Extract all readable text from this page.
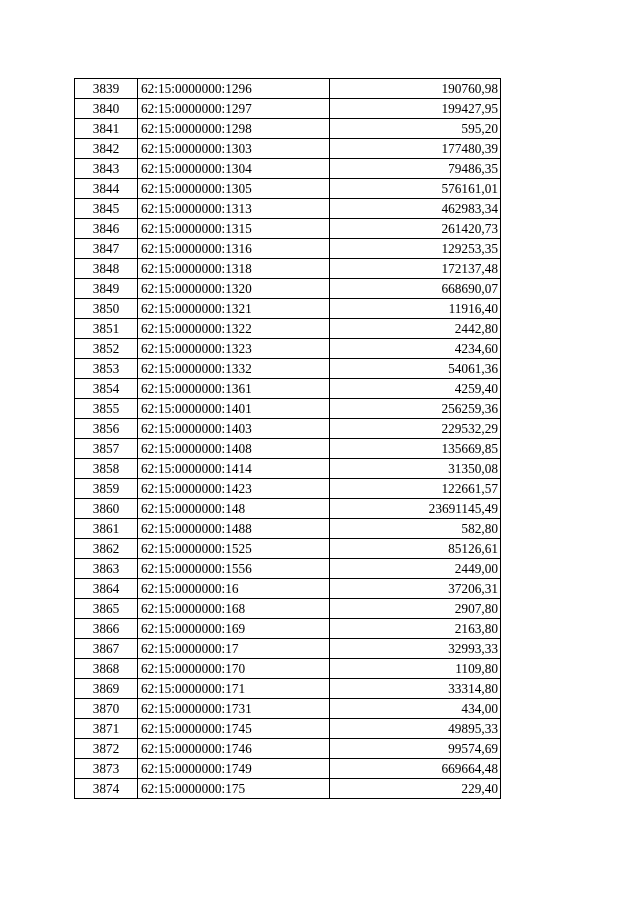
3839	62:15:0000000:1296	190760,98
3840	62:15:0000000:1297	199427,95
3841	62:15:0000000:1298	595,20
3842	62:15:0000000:1303	177480,39
3843	62:15:0000000:1304	79486,35
3844	62:15:0000000:1305	576161,01
3845	62:15:0000000:1313	462983,34
3846	62:15:0000000:1315	261420,73
3847	62:15:0000000:1316	129253,35
3848	62:15:0000000:1318	172137,48
3849	62:15:0000000:1320	668690,07
3850	62:15:0000000:1321	11916,40
3851	62:15:0000000:1322	2442,80
3852	62:15:0000000:1323	4234,60
3853	62:15:0000000:1332	54061,36
3854	62:15:0000000:1361	4259,40
3855	62:15:0000000:1401	256259,36
3856	62:15:0000000:1403	229532,29
3857	62:15:0000000:1408	135669,85
3858	62:15:0000000:1414	31350,08
3859	62:15:0000000:1423	122661,57
3860	62:15:0000000:148	23691145,49
3861	62:15:0000000:1488	582,80
3862	62:15:0000000:1525	85126,61
3863	62:15:0000000:1556	2449,00
3864	62:15:0000000:16	37206,31
3865	62:15:0000000:168	2907,80
3866	62:15:0000000:169	2163,80
3867	62:15:0000000:17	32993,33
3868	62:15:0000000:170	1109,80
3869	62:15:0000000:171	33314,80
3870	62:15:0000000:1731	434,00
3871	62:15:0000000:1745	49895,33
3872	62:15:0000000:1746	99574,69
3873	62:15:0000000:1749	669664,48
3874	62:15:0000000:175	229,40
